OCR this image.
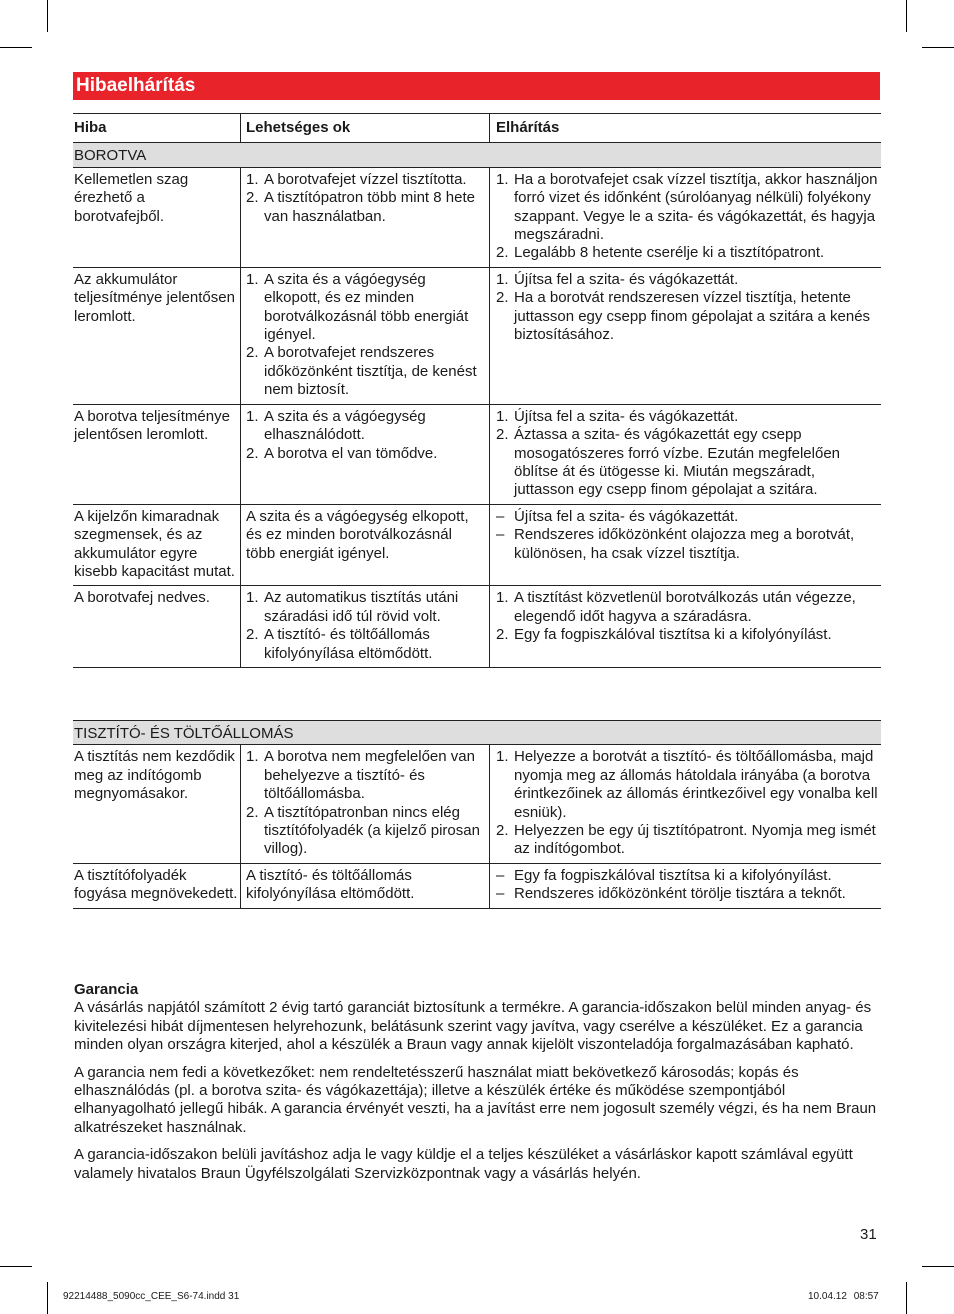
Hibaelhárítás
Hiba	Lehetséges ok	Elhárítás
BOROTVA
Kellemetlen szag érezhető a borotvafejből.
1. A borotvafejet vízzel tisztította.
2. A tisztítópatron több mint 8 hete van használatban.
1. Ha a borotvafejet csak vízzel tisztítja, akkor használjon forró vizet és időnként (súrolóanyag nélküli) folyékony szappant. Vegye le a szita- és vágókazettát, és hagyja megszáradni.
2. Legalább 8 hetente cserélje ki a tisztítópatront.
Az akkumulátor teljesítménye jelentősen leromlott.
1. A szita és a vágóegység elkopott, és ez minden borotválkozásnál több energiát igényel.
2. A borotvafejet rendszeres időközönként tisztítja, de kenést nem biztosít.
1. Újítsa fel a szita- és vágókazettát.
2. Ha a borotvát rendszeresen vízzel tisztítja, hetente juttasson egy csepp finom gépolajat a szitára a kenés biztosításához.
A borotva teljesítménye jelentősen leromlott.
1. A szita és a vágóegység elhasználódott.
2. A borotva el van tömődve.
1. Újítsa fel a szita- és vágókazettát.
2. Áztassa a szita- és vágókazettát egy csepp mosogatószeres forró vízbe. Ezután megfelelően öblítse át és ütögesse ki. Miután megszáradt, juttasson egy csepp finom gépolajat a szitára.
A kijelzőn kimaradnak szegmensek, és az akkumulátor egyre kisebb kapacitást mutat.
A szita és a vágóegység elkopott, és ez minden borotválkozásnál több energiát igényel.
– Újítsa fel a szita- és vágókazettát.
– Rendszeres időközönként olajozza meg a borotvát, különösen, ha csak vízzel tisztítja.
A borotvafej nedves.
1.	Az automatikus tisztítás utáni száradási idő túl rövid volt.
2. A tisztító- és töltőállomás kifolyónyílása eltömődött.
1. A tisztítást közvetlenül borotválkozás után végezze, elegendő időt hagyva a száradásra.
2. Egy fa fogpiszkálóval tisztítsa ki a kifolyónyílást.
TISZTÍTÓ- ÉS TÖLTŐÁLLOMÁS
A tisztítás nem kezdődik meg az indítógomb megnyomásakor.
1. A borotva nem megfelelően van behelyezve a tisztító- és töltőállomásba.
2. A tisztítópatronban nincs elég tisztítófolyadék (a kijelző pirosan villog).
1. Helyezze a borotvát a tisztító- és töltőállomásba, majd nyomja meg az állomás hátoldala irányába (a borotva érintkezőinek az állomás érintkezőivel egy vonalba kell esniük).
2. Helyezzen be egy új tisztítópatront. Nyomja meg ismét az indítógombot.
A tisztítófolyadék fogyása megnövekedett.
A tisztító- és töltőállomás kifolyónyílása eltömődött.
– Egy fa fogpiszkálóval tisztítsa ki a kifolyónyílást.
– Rendszeres időközönként törölje tisztára a teknőt.
Garancia

A vásárlás napjától számított 2 évig tartó garanciát biztosítunk a termékre. A garancia-időszakon belül minden anyag- és kivitelezési hibát díjmentesen helyrehozunk, belátásunk szerint vagy javítva, vagy cserélve a készüléket. Ez a garancia minden olyan országra kiterjed, ahol a készülék a Braun vagy annak kijelölt viszonteladója forgalmazásában kapható.

A garancia nem fedi a következőket: nem rendeltetésszerű használat miatt bekövetkező károsodás; kopás és elhasználódás (pl. a borotva szita- és vágókazettája); illetve a készülék értéke és működése szempontjából elhanyagolható jellegű hibák. A garancia érvényét veszti, ha a javítást erre nem jogosult személy végzi, és ha nem Braun alkatrészeket használnak.

A garancia-időszakon belüli javításhoz adja le vagy küldje el a teljes készüléket a vásárláskor kapott számlával együtt valamely hivatalos Braun Ügyfélszolgálati Szervizközpontnak vagy a vásárlás helyén.

31
92214488_5090cc_CEE_S6-74.indd 31	10.04.12 08:57
